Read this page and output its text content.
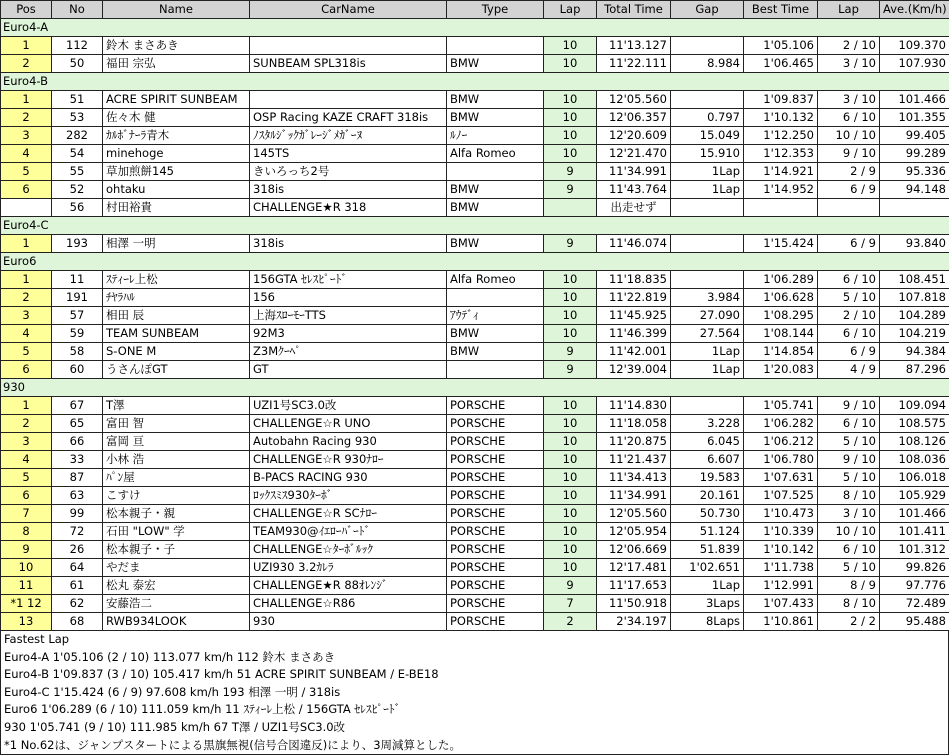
Pos	No	Name	CarName	Type	Lap	Total Time	Gap	Best Time	Lap	Ave.(Km/h)
Euro4-A										
1	112	鈴木 まさあき			10	11'13.127		1'05.106	2 / 10	109.370
2	50	福田 宗弘	SUNBEAM SPL318is	BMW	10	11'22.111	8.984	1'06.465	3 / 10	107.930
Euro4-B										
1	51	ACRE SPIRIT SUNBEAM		BMW	10	12'05.560		1'09.837	3 / 10	101.466
2	53	佐々木 健	OSP Racing KAZE CRAFT 318is	BMW	10	12'06.357	0.797	1'10.132	6 / 10	101.355
3	282	ｶﾙﾎﾞﾅｰﾗ青木	ﾉｽﾀﾙｼﾞｯｸｶﾞﾚｰｼﾞﾒｶﾞｰﾇ	ﾙﾉｰ	10	12'20.609	15.049	1'12.250	10 / 10	99.405
4	54	minehoge	145TS	Alfa Romeo	10	12'21.470	15.910	1'12.353	9 / 10	99.289
5	55	草加煎餅145	きいろっち2号		9	11'34.991	1Lap	1'14.921	2 / 9	95.336
6	52	ohtaku	318is	BMW	9	11'43.764	1Lap	1'14.952	6 / 9	94.148
	56	村田裕貴	CHALLENGE★R 318	BMW		出走せず				
Euro4-C										
1	193	相澤 一明	318is	BMW	9	11'46.074		1'15.424	6 / 9	93.840
Euro6										
1	11	ｽﾃｨｰﾚ上松	156GTA ｾﾚｽﾋﾟｰﾄﾞ	Alfa Romeo	10	11'18.835		1'06.289	6 / 10	108.451
2	191	ﾁﾔﾗﾊﾙ	156		10	11'22.819	3.984	1'06.628	5 / 10	107.818
3	57	相田 辰	上海ｽﾛｰﾓｰTTS	ｱｳﾃﾞｨ	10	11'45.925	27.090	1'08.295	2 / 10	104.289
4	59	TEAM SUNBEAM	92M3	BMW	10	11'46.399	27.564	1'08.144	6 / 10	104.219
5	58	S-ONE M	Z3Mｸｰﾍﾟ	BMW	9	11'42.001	1Lap	1'14.854	6 / 9	94.384
6	60	うさんぽGT	GT		9	12'39.004	1Lap	1'20.083	4 / 9	87.296
930										
1	67	T澤	UZI1号SC3.0改	PORSCHE	10	11'14.830		1'05.741	9 / 10	109.094
2	65	富田 智	CHALLENGE☆R UNO	PORSCHE	10	11'18.058	3.228	1'06.282	6 / 10	108.575
3	66	富岡 亘	Autobahn Racing 930	PORSCHE	10	11'20.875	6.045	1'06.212	5 / 10	108.126
4	33	小林 浩	CHALLENGE☆R 930ﾅﾛｰ	PORSCHE	10	11'21.437	6.607	1'06.780	9 / 10	108.036
5	87	ﾊﾟﾝ屋	B-PACS RACING 930	PORSCHE	10	11'34.413	19.583	1'07.631	5 / 10	106.018
6	63	こすけ	ﾛｯｸｽﾐｽ930ﾀｰﾎﾞ	PORSCHE	10	11'34.991	20.161	1'07.525	8 / 10	105.929
7	99	松本親子・親	CHALLENGE☆R SCﾅﾛｰ	PORSCHE	10	12'05.560	50.730	1'10.473	3 / 10	101.466
8	72	石田 "LOW" 学	TEAM930@ｲｴﾛｰﾊﾞｰﾄﾞ	PORSCHE	10	12'05.954	51.124	1'10.339	10 / 10	101.411
9	26	松本親子・子	CHALLENGE☆ﾀｰﾎﾞﾙｯｸ	PORSCHE	10	12'06.669	51.839	1'10.142	6 / 10	101.312
10	64	やだま	UZI930 3.2ｶﾚﾗ	PORSCHE	10	12'17.481	1'02.651	1'11.738	5 / 10	99.826
11	61	松丸 泰宏	CHALLENGE★R 88ｵﾚﾝｼﾞ	PORSCHE	9	11'17.653	1Lap	1'12.991	8 / 9	97.776
*1 12	62	安藤浩二	CHALLENGE☆R86	PORSCHE	7	11'50.918	3Laps	1'07.433	8 / 10	72.489
13	68	RWB934LOOK	930	PORSCHE	2	2'34.197	8Laps	1'10.861	2 / 2	95.488
Fastest Lap
Euro4-A 1'05.106 (2 / 10) 113.077 km/h 112 鈴木 まさあき
Euro4-B 1'09.837 (3 / 10) 105.417 km/h 51 ACRE SPIRIT SUNBEAM / E-BE18
Euro4-C 1'15.424 (6 / 9) 97.608 km/h 193 相澤 一明 / 318is
Euro6 1'06.289 (6 / 10) 111.059 km/h 11 ｽﾃｨｰﾚ上松 / 156GTA ｾﾚｽﾋﾟｰﾄﾞ
930 1'05.741 (9 / 10) 111.985 km/h 67 T澤 / UZI1号SC3.0改
*1 No.62は、ジャンプスタートによる黒旗無視(信号合図違反)により、3周減算とした。
